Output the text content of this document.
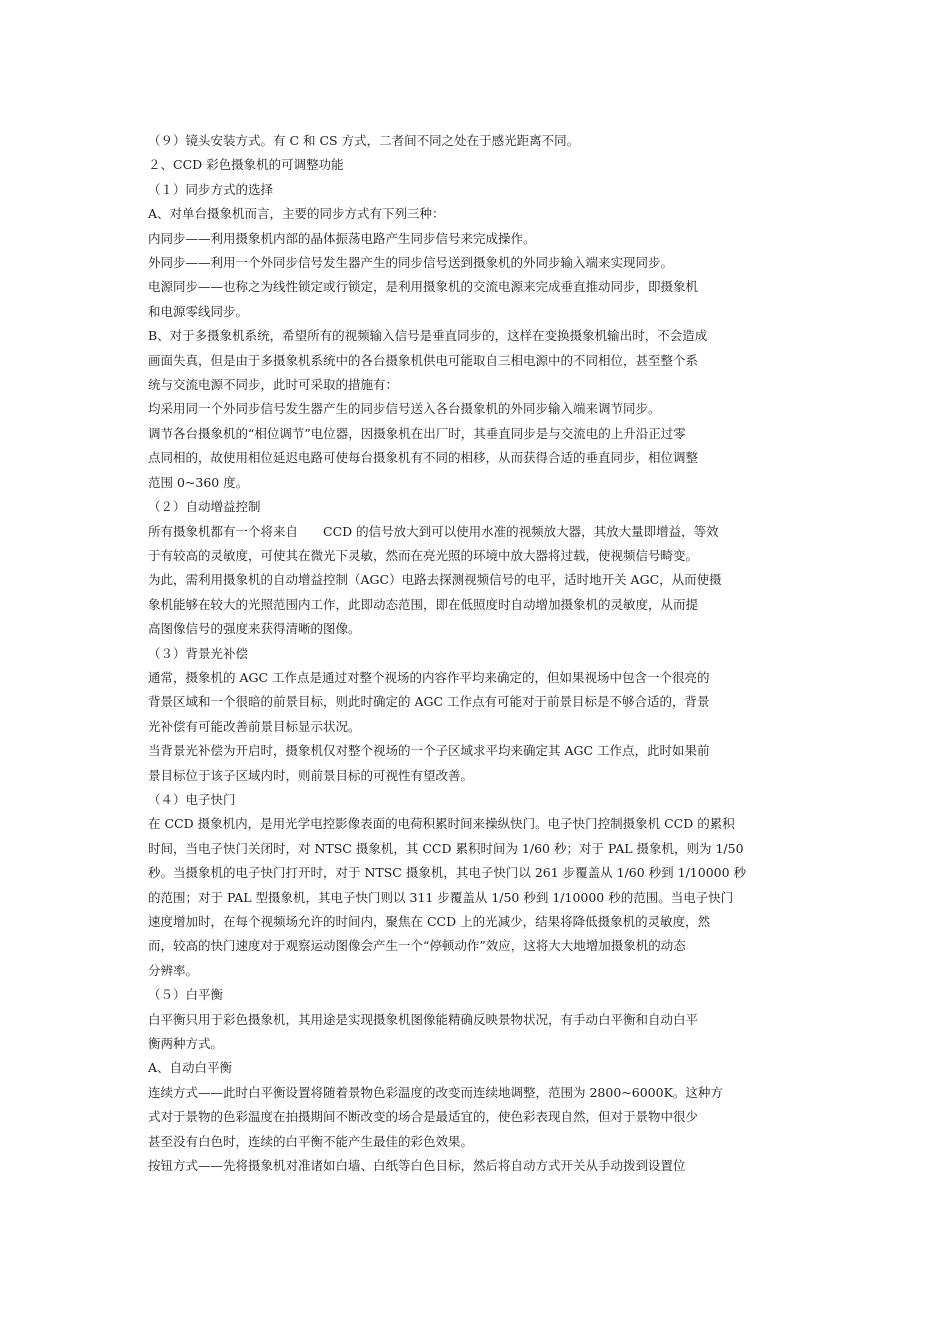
（９）镜头安装方式。有 C 和 CS 方式，二者间不同之处在于感光距离不同。

２、CCD 彩色摄象机的可调整功能

（１）同步方式的选择

A、对单台摄象机而言，主要的同步方式有下列三种：

内同步——利用摄象机内部的晶体振荡电路产生同步信号来完成操作。

外同步——利用一个外同步信号发生器产生的同步信号送到摄象机的外同步输入端来实现同步。

电源同步——也称之为线性锁定或行锁定，是利用摄象机的交流电源来完成垂直推动同步，即摄象机

和电源零线同步。

B、对于多摄象机系统，希望所有的视频输入信号是垂直同步的，这样在变换摄象机输出时，不会造成

画面失真，但是由于多摄象机系统中的各台摄象机供电可能取自三相电源中的不同相位，甚至整个系

统与交流电源不同步，此时可采取的措施有：

均采用同一个外同步信号发生器产生的同步信号送入各台摄象机的外同步输入端来调节同步。

调节各台摄象机的“相位调节”电位器，因摄象机在出厂时，其垂直同步是与交流电的上升沿正过零

点同相的，故使用相位延迟电路可使每台摄象机有不同的相移，从而获得合适的垂直同步，相位调整

范围 0~360 度。

（２）自动增益控制

所有摄象机都有一个将来自　　CCD 的信号放大到可以使用水准的视频放大器，其放大量即增益，等效

于有较高的灵敏度，可使其在微光下灵敏，然而在亮光照的环境中放大器将过载，使视频信号畸变。

为此，需利用摄象机的自动增益控制（AGC）电路去探测视频信号的电平，适时地开关 AGC，从而使摄

象机能够在较大的光照范围内工作，此即动态范围，即在低照度时自动增加摄象机的灵敏度，从而提

高图像信号的强度来获得清晰的图像。

（３）背景光补偿

通常，摄象机的 AGC 工作点是通过对整个视场的内容作平均来确定的，但如果视场中包含一个很亮的

背景区域和一个很暗的前景目标，则此时确定的 AGC 工作点有可能对于前景目标是不够合适的，背景

光补偿有可能改善前景目标显示状况。

当背景光补偿为开启时，摄象机仅对整个视场的一个子区域求平均来确定其 AGC 工作点，此时如果前

景目标位于该子区域内时，则前景目标的可视性有望改善。

（４）电子快门

在 CCD 摄象机内，是用光学电控影像表面的电荷积累时间来操纵快门。电子快门控制摄象机 CCD 的累积

时间，当电子快门关闭时，对 NTSC 摄象机，其 CCD 累积时间为 1/60 秒；对于 PAL 摄象机，则为 1/50

秒。当摄象机的电子快门打开时，对于 NTSC 摄象机，其电子快门以 261 步覆盖从 1/60 秒到 1/10000 秒

的范围；对于 PAL 型摄象机，其电子快门则以 311 步覆盖从 1/50 秒到 1/10000 秒的范围。当电子快门

速度增加时，在每个视频场允许的时间内，聚焦在 CCD 上的光减少，结果将降低摄象机的灵敏度，然

而，较高的快门速度对于观察运动图像会产生一个“停顿动作”效应，这将大大地增加摄象机的动态

分辨率。

（５）白平衡

白平衡只用于彩色摄象机，其用途是实现摄象机图像能精确反映景物状况，有手动白平衡和自动白平

衡两种方式。

A、自动白平衡

连续方式——此时白平衡设置将随着景物色彩温度的改变而连续地调整，范围为 2800~6000K。这种方

式对于景物的色彩温度在拍摄期间不断改变的场合是最适宜的，使色彩表现自然，但对于景物中很少

甚至没有白色时，连续的白平衡不能产生最佳的彩色效果。

按钮方式——先将摄象机对准诸如白墙、白纸等白色目标，然后将自动方式开关从手动拨到设置位
